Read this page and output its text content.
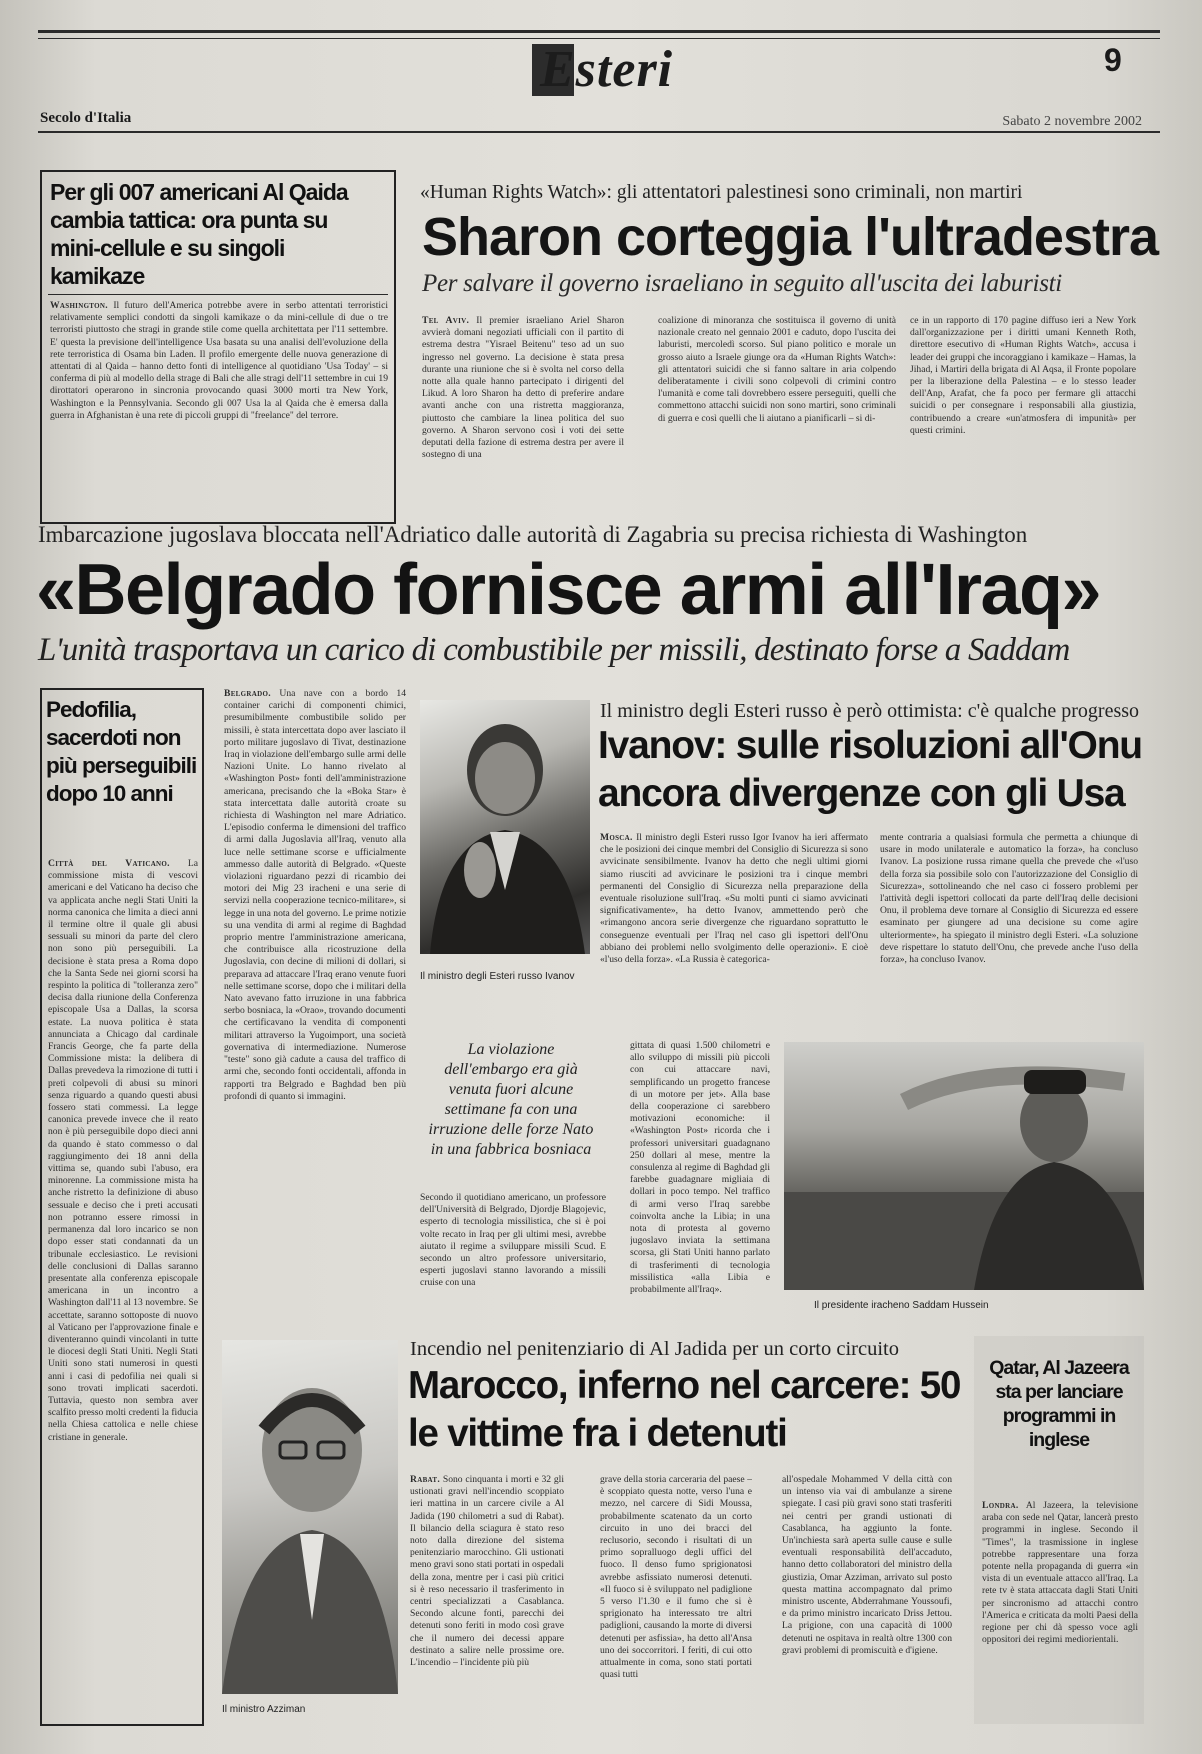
Esteri	9
Secolo d'Italia	Sabato 2 novembre 2002
Per gli 007 americani Al Qaida cambia tattica: ora punta su mini-cellule e su singoli kamikaze
Washington. Il futuro dell'America potrebbe avere in serbo attentati terroristici relativamente semplici condotti da singoli kamikaze o da mini-cellule di due o tre terroristi piuttosto che stragi in grande stile come quella architettata per l'11 settembre. E' questa la previsione dell'intelligence Usa basata su una analisi dell'evoluzione della rete terroristica di Osama bin Laden. Il profilo emergente delle nuova generazione di attentati di al Qaida – hanno detto fonti di intelligence al quotidiano 'Usa Today' – si conferma di più al modello della strage di Bali che alle stragi dell'11 settembre in cui 19 dirottatori operarono in sincronia provocando quasi 3000 morti tra New York, Washington e la Pennsylvania. Secondo gli 007 Usa la al Qaida che è emersa dalla guerra in Afghanistan è una rete di piccoli gruppi di "freelance" del terrore.
«Human Rights Watch»: gli attentatori palestinesi sono criminali, non martiri
Sharon corteggia l'ultradestra
Per salvare il governo israeliano in seguito all'uscita dei laburisti
Tel Aviv. Il premier israeliano Ariel Sharon avvierà domani negoziati ufficiali con il partito di estrema destra "Yisrael Beitenu" teso ad un suo ingresso nel governo. La decisione è stata presa durante una riunione che si è svolta nel corso della notte alla quale hanno partecipato i dirigenti del Likud. A loro Sharon ha detto di preferire andare avanti anche con una ristretta maggioranza, piuttosto che cambiare la linea politica del suo governo. A Sharon servono così i voti dei sette deputati della fazione di estrema destra per avere il sostegno di una
coalizione di minoranza che sostituisca il governo di unità nazionale creato nel gennaio 2001 e caduto, dopo l'uscita dei laburisti, mercoledì scorso. Sul piano politico e morale un grosso aiuto a Israele giunge ora da «Human Rights Watch»: gli attentatori suicidi che si fanno saltare in aria colpendo deliberatamente i civili sono colpevoli di crimini contro l'umanità e come tali dovrebbero essere perseguiti, quelli che commettono attacchi suicidi non sono martiri, sono criminali di guerra e così quelli che li aiutano a pianificarli – si di-
ce in un rapporto di 170 pagine diffuso ieri a New York dall'organizzazione per i diritti umani Kenneth Roth, direttore esecutivo di «Human Rights Watch», accusa i leader dei gruppi che incoraggiano i kamikaze – Hamas, la Jihad, i Martiri della brigata di Al Aqsa, il Fronte popolare per la liberazione della Palestina – e lo stesso leader dell'Anp, Arafat, che fa poco per fermare gli attacchi suicidi o per consegnare i responsabili alla giustizia, contribuendo a creare «un'atmosfera di impunità» per questi crimini.
Imbarcazione jugoslava bloccata nell'Adriatico dalle autorità di Zagabria su precisa richiesta di Washington
«Belgrado fornisce armi all'Iraq»
L'unità trasportava un carico di combustibile per missili, destinato forse a Saddam
Pedofilia, sacerdoti non più perseguibili dopo 10 anni
Città del Vaticano. La commissione mista di vescovi americani e del Vaticano ha deciso che va applicata anche negli Stati Uniti la norma canonica che limita a dieci anni il termine oltre il quale gli abusi sessuali su minori da parte del clero non sono più perseguibili. La decisione è stata presa a Roma dopo che la Santa Sede nei giorni scorsi ha respinto la politica di "tolleranza zero" decisa dalla riunione della Conferenza episcopale Usa a Dallas, la scorsa estate. La nuova politica è stata annunciata a Chicago dal cardinale Francis George, che fa parte della Commissione mista: la delibera di Dallas prevedeva la rimozione di tutti i preti colpevoli di abusi su minori senza riguardo a quando questi abusi fossero stati commessi. La legge canonica prevede invece che il reato non è più perseguibile dopo dieci anni da quando è stato commesso o dal raggiungimento dei 18 anni della vittima se, quando subì l'abuso, era minorenne. La commissione mista ha anche ristretto la definizione di abuso sessuale e deciso che i preti accusati non potranno essere rimossi in permanenza dal loro incarico se non dopo esser stati condannati da un tribunale ecclesiastico. Le revisioni delle conclusioni di Dallas saranno presentate alla conferenza episcopale americana in un incontro a Washington dall'11 al 13 novembre. Se accettate, saranno sottoposte di nuovo al Vaticano per l'approvazione finale e diventeranno quindi vincolanti in tutte le diocesi degli Stati Uniti. Negli Stati Uniti sono stati numerosi in questi anni i casi di pedofilia nei quali si sono trovati implicati sacerdoti. Tuttavia, questo non sembra aver scalfito presso molti credenti la fiducia nella Chiesa cattolica e nelle chiese cristiane in generale.
Belgrado. Una nave con a bordo 14 container carichi di componenti chimici, presumibilmente combustibile solido per missili, è stata intercettata dopo aver lasciato il porto militare jugoslavo di Tivat, destinazione Iraq in violazione dell'embargo sulle armi delle Nazioni Unite. Lo hanno rivelato al «Washington Post» fonti dell'amministrazione americana, precisando che la «Boka Star» è stata intercettata dalle autorità croate su richiesta di Washington nel mare Adriatico. L'episodio conferma le dimensioni del traffico di armi dalla Jugoslavia all'Iraq, venuto alla luce nelle settimane scorse e ufficialmente ammesso dalle autorità di Belgrado. «Queste violazioni riguardano pezzi di ricambio dei motori dei Mig 23 iracheni e una serie di servizi nella cooperazione tecnico-militare», si legge in una nota del governo. Le prime notizie su una vendita di armi al regime di Baghdad proprio mentre l'amministrazione americana, che contribuisce alla ricostruzione della Jugoslavia, con decine di milioni di dollari, si preparava ad attaccare l'Iraq erano venute fuori nelle settimane scorse, dopo che i militari della Nato avevano fatto irruzione in una fabbrica serbo bosniaca, la «Orao», trovando documenti che certificavano la vendita di componenti militari attraverso la Yugoimport, una società governativa di intermediazione. Numerose "teste" sono già cadute a causa del traffico di armi che, secondo fonti occidentali, affonda in rapporti tra Belgrado e Baghdad ben più profondi di quanto si immagini.
Il ministro degli Esteri russo Ivanov
Il ministro degli Esteri russo è però ottimista: c'è qualche progresso
Ivanov: sulle risoluzioni all'Onu ancora divergenze con gli Usa
Mosca. Il ministro degli Esteri russo Igor Ivanov ha ieri affermato che le posizioni dei cinque membri del Consiglio di Sicurezza si sono avvicinate sensibilmente. Ivanov ha detto che negli ultimi giorni siamo riusciti ad avvicinare le posizioni tra i cinque membri permanenti del Consiglio di Sicurezza nella preparazione della eventuale risoluzione sull'Iraq. «Su molti punti ci siamo avvicinati significativamente», ha detto Ivanov, ammettendo però che «rimangono ancora serie divergenze che riguardano soprattutto le conseguenze eventuali per l'Iraq nel caso gli ispettori dell'Onu abbiano dei problemi nello svolgimento delle operazioni». E cioè «l'uso della forza». «La Russia è categorica-
mente contraria a qualsiasi formula che permetta a chiunque di usare in modo unilaterale e automatico la forza», ha concluso Ivanov. La posizione russa rimane quella che prevede che «l'uso della forza sia possibile solo con l'autorizzazione del Consiglio di Sicurezza», sottolineando che nel caso ci fossero problemi per l'attività degli ispettori collocati da parte dell'Iraq delle decisioni Onu, il problema deve tornare al Consiglio di Sicurezza ed essere esaminato per giungere ad una decisione su come agire ulteriormente», ha spiegato il ministro degli Esteri. «La soluzione deve rispettare lo statuto dell'Onu, che prevede anche l'uso della forza», ha concluso Ivanov.
La violazione dell'embargo era già venuta fuori alcune settimane fa con una irruzione delle forze Nato in una fabbrica bosniaca
Secondo il quotidiano americano, un professore dell'Università di Belgrado, Djordje Blagojevic, esperto di tecnologia missilistica, che si è poi volte recato in Iraq per gli ultimi mesi, avrebbe aiutato il regime a sviluppare missili Scud. E secondo un altro professore universitario, esperti jugoslavi stanno lavorando a missili cruise con una
gittata di quasi 1.500 chilometri e allo sviluppo di missili più piccoli con cui attaccare navi, semplificando un progetto francese di un motore per jet». Alla base della cooperazione ci sarebbero motivazioni economiche: il «Washington Post» ricorda che i professori universitari guadagnano 250 dollari al mese, mentre la consulenza al regime di Baghdad gli farebbe guadagnare migliaia di dollari in poco tempo. Nel traffico di armi verso l'Iraq sarebbe coinvolta anche la Libia; in una nota di protesta al governo jugoslavo inviata la settimana scorsa, gli Stati Uniti hanno parlato di trasferimenti di tecnologia missilistica «alla Libia e probabilmente all'Iraq».
Il presidente iracheno Saddam Hussein
Il ministro Azziman
Incendio nel penitenziario di Al Jadida per un corto circuito
Marocco, inferno nel carcere: 50 le vittime fra i detenuti
Rabat. Sono cinquanta i morti e 32 gli ustionati gravi nell'incendio scoppiato ieri mattina in un carcere civile a Al Jadida (190 chilometri a sud di Rabat). Il bilancio della sciagura è stato reso noto dalla direzione del sistema penitenziario marocchino. Gli ustionati meno gravi sono stati portati in ospedali della zona, mentre per i casi più critici si è reso necessario il trasferimento in centri specializzati a Casablanca. Secondo alcune fonti, parecchi dei detenuti sono feriti in modo così grave che il numero dei decessi appare destinato a salire nelle prossime ore. L'incendio – l'incidente più più
grave della storia carceraria del paese – è scoppiato questa notte, verso l'una e mezzo, nel carcere di Sidi Moussa, probabilmente scatenato da un corto circuito in uno dei bracci del reclusorio, secondo i risultati di un primo sopralluogo degli uffici del fuoco. Il denso fumo sprigionatosi avrebbe asfissiato numerosi detenuti. «Il fuoco si è sviluppato nel padiglione 5 verso l'1.30 e il fumo che si è sprigionato ha interessato tre altri padiglioni, causando la morte di diversi detenuti per asfissia», ha detto all'Ansa uno dei soccorritori. I feriti, di cui otto attualmente in coma, sono stati portati quasi tutti
all'ospedale Mohammed V della città con un intenso via vai di ambulanze a sirene spiegate. I casi più gravi sono stati trasferiti nei centri per grandi ustionati di Casablanca, ha aggiunto la fonte. Un'inchiesta sarà aperta sulle cause e sulle eventuali responsabilità dell'accaduto, hanno detto collaboratori del ministro della giustizia, Omar Azziman, arrivato sul posto questa mattina accompagnato dal primo ministro uscente, Abderrahmane Youssoufi, e da primo ministro incaricato Driss Jettou. La prigione, con una capacità di 1000 detenuti ne ospitava in realtà oltre 1300 con gravi problemi di promiscuità e d'igiene.
Qatar, Al Jazeera sta per lanciare programmi in inglese
Londra. Al Jazeera, la televisione araba con sede nel Qatar, lancerà presto programmi in inglese. Secondo il "Times", la trasmissione in inglese potrebbe rappresentare una forza potente nella propaganda di guerra «in vista di un eventuale attacco all'Iraq. La rete tv è stata attaccata dagli Stati Uniti per sincronismo ad attacchi contro l'America e criticata da molti Paesi della regione per chi dà spesso voce agli oppositori dei regimi mediorientali.
